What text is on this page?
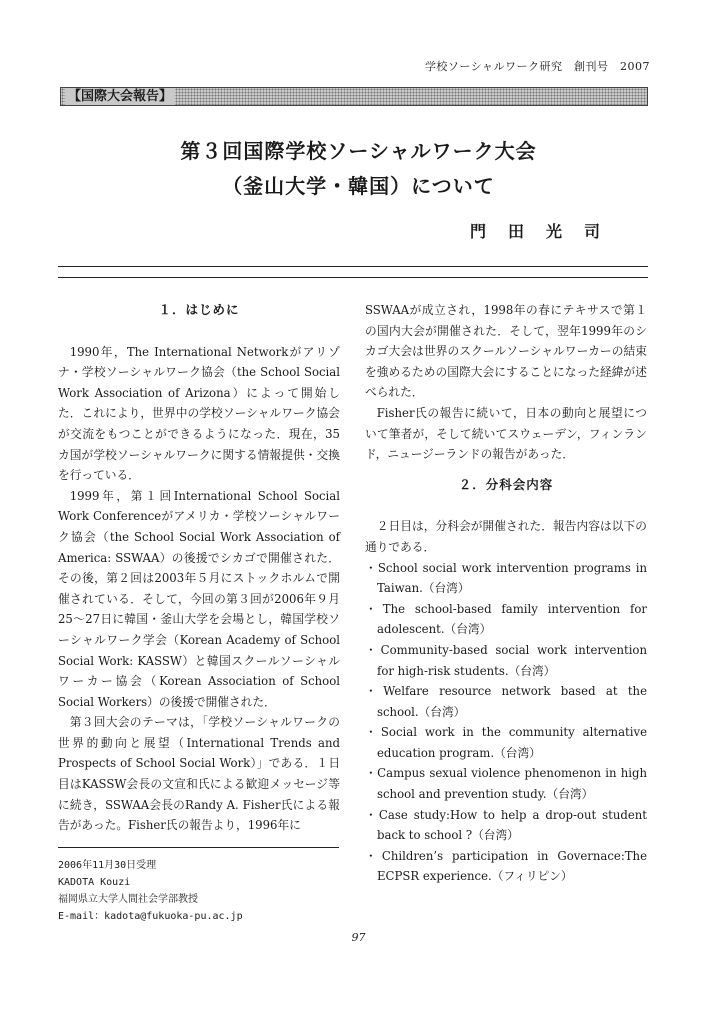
学校ソーシャルワーク研究　創刊号　2007
【国際大会報告】
第３回国際学校ソーシャルワーク大会
（釜山大学・韓国）について
門 田 光 司
１．はじめに

1990年，The International Networkがアリゾナ・学校ソーシャルワーク協会（the School Social Work Association of Arizona）によって開始した．これにより，世界中の学校ソーシャルワーク協会が交流をもつことができるようになった．現在，35カ国が学校ソーシャルワークに関する情報提供・交換を行っている．

1999年，第１回International School Social Work Conferenceがアメリカ・学校ソーシャルワーク協会（the School Social Work Association of America: SSWAA）の後援でシカゴで開催された．その後，第２回は2003年５月にストックホルムで開催されている．そして，今回の第３回が2006年９月25～27日に韓国・釜山大学を会場とし，韓国学校ソーシャルワーク学会（Korean Academy of School Social Work: KASSW）と韓国スクールソーシャルワーカー協会（Korean Association of School Social Workers）の後援で開催された．

第３回大会のテーマは，「学校ソーシャルワークの世界的動向と展望（International Trends and Prospects of School Social Work）」である．１日目はKASSW会長の文宣和氏による歓迎メッセージ等に続き，SSWAA会長のRandy A. Fisher氏による報告があった。Fisher氏の報告より，1996年に

SSWAAが成立され，1998年の春にテキサスで第１の国内大会が開催された．そして，翌年1999年のシカゴ大会は世界のスクールソーシャルワーカーの結束を強めるための国際大会にすることになった経緯が述べられた．

Fisher氏の報告に続いて，日本の動向と展望について筆者が，そして続いてスウェーデン，フィンランド，ニュージーランドの報告があった．

２．分科会内容

２日目は，分科会が開催された．報告内容は以下の通りである．

・School social work intervention programs in Taiwan.（台湾）

・The school-based family intervention for adolescent.（台湾）

・Community-based social work intervention for high-risk students.（台湾）

・Welfare resource network based at the school.（台湾）

・Social work in the community alternative education program.（台湾）

・Campus sexual violence phenomenon in high school and prevention study.（台湾）

・Case study:How to help a drop-out student back to school ?（台湾）

・Children’s participation in Governace:The ECPSR experience.（フィリピン）

2006年11月30日受理
KADOTA Kouzi
福岡県立大学人間社会学部教授
E-mail：kadota@fukuoka-pu.ac.jp
97
